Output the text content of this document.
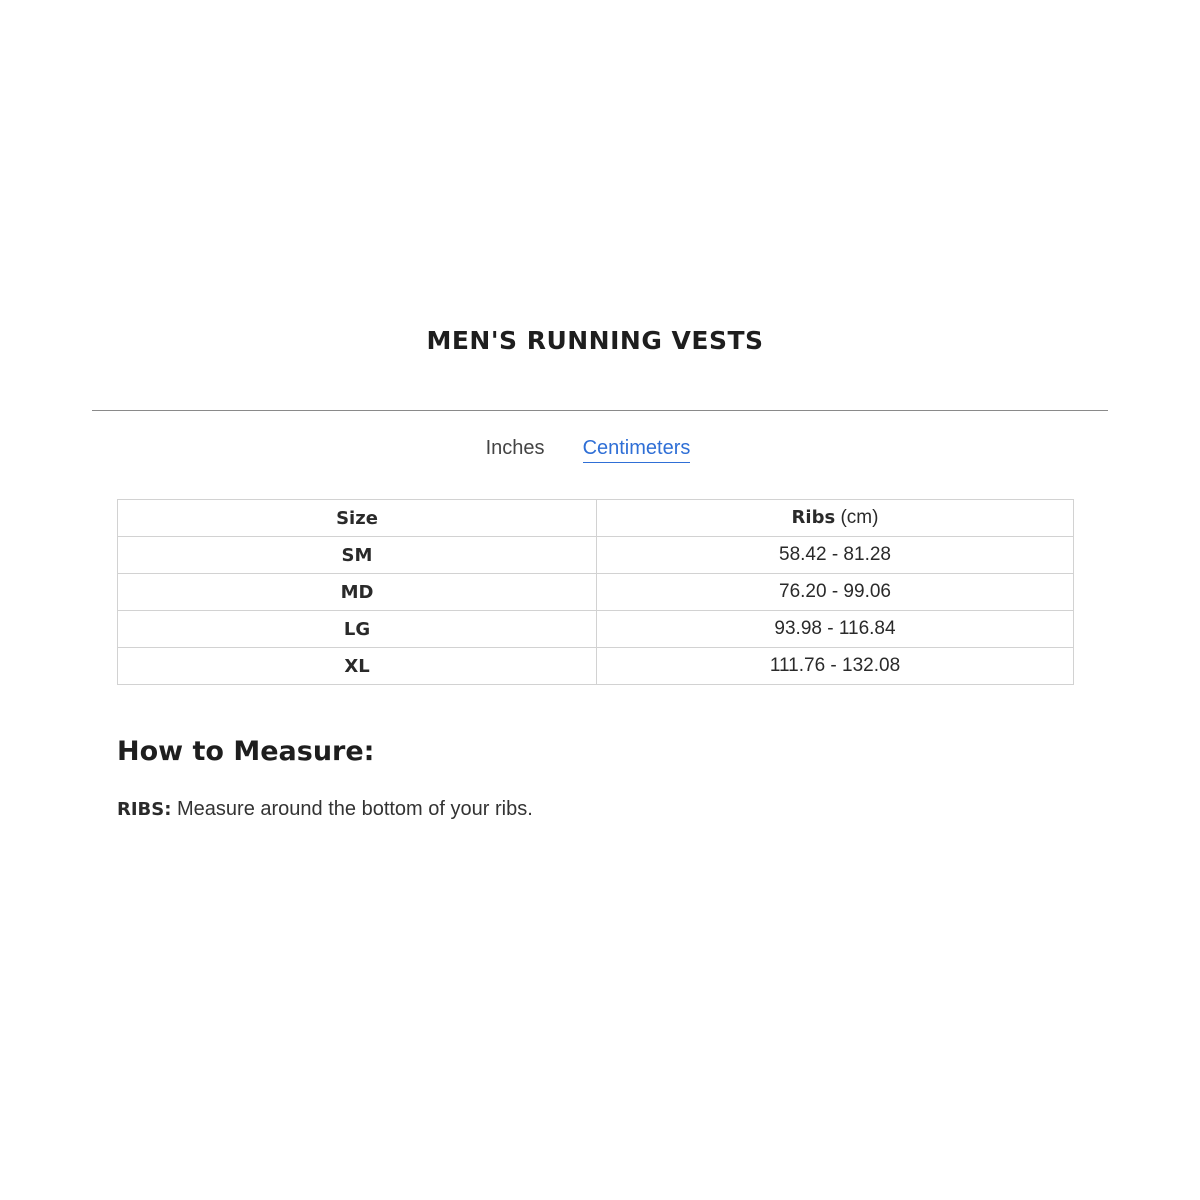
MEN'S RUNNING VESTS
Inches Centimeters
Size	Ribs (cm)
SM	58.42 - 81.28
MD	76.20 - 99.06
LG	93.98 - 116.84
XL	111.76 - 132.08
How to Measure:

RIBS: Measure around the bottom of your ribs.
